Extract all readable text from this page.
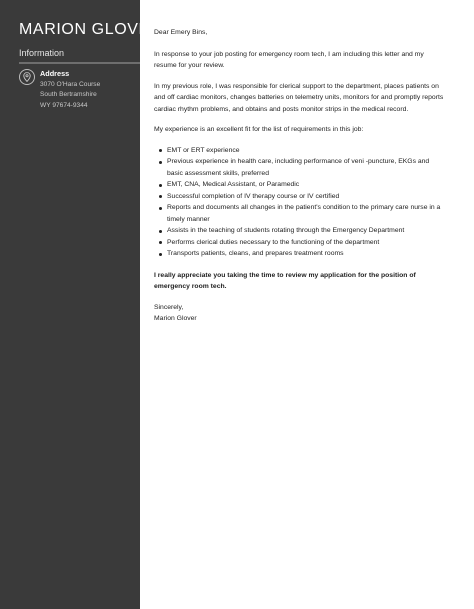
MARION GLOVER
Information
Address
3070 O'Hara Course
South Bertramshire
WY 97674-9344

Dear Emery Bins,

In response to your job posting for emergency room tech, I am including this letter and my resume for your review.

In my previous role, I was responsible for clerical support to the department, places patients on and off cardiac monitors, changes batteries on telemetry units, monitors for and promptly reports cardiac rhythm problems, and obtains and posts monitor strips in the medical record.

My experience is an excellent fit for the list of requirements in this job:

EMT or ERT experience
Previous experience in health care, including performance of veni -puncture, EKGs and basic assessment skills, preferred
EMT, CNA, Medical Assistant, or Paramedic
Successful completion of IV therapy course or IV certified
Reports and documents all changes in the patient's condition to the primary care nurse in a timely manner
Assists in the teaching of students rotating through the Emergency Department
Performs clerical duties necessary to the functioning of the department
Transports patients, cleans, and prepares treatment rooms

I really appreciate you taking the time to review my application for the position of emergency room tech.

Sincerely,

Marion Glover
